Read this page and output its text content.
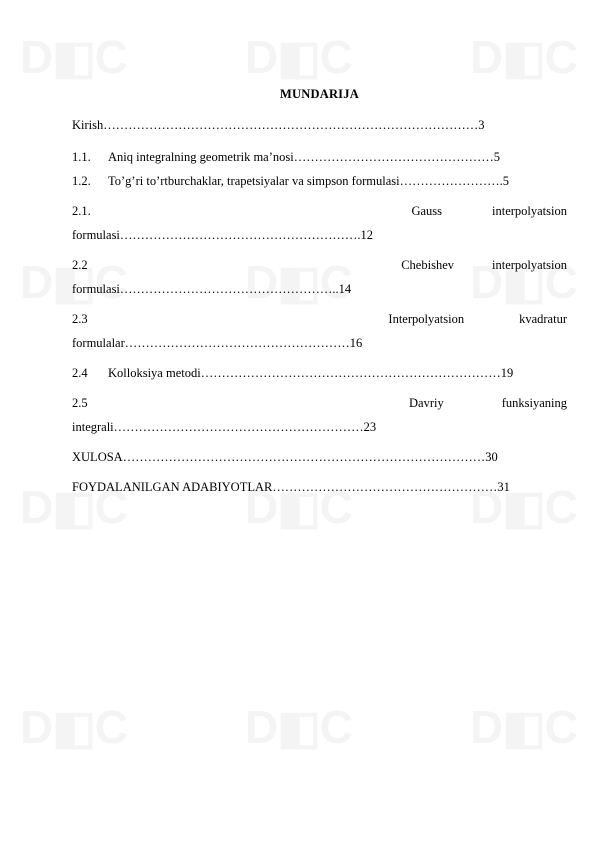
MUNDARIJA
Kirish………………………………………………………………………………3
1.1. Aniq integralning geometrik ma’nosi…………………………………………5
1.2. To’g’ri to’rtburchaklar, trapetsiyalar va simpson formulasi…………………….5
2.1.	Gauss	interpolyatsion
formulasi………………………………………………….12
2.2	Chebishev	interpolyatsion
formulasi……………………………………………..14
2.3	Interpolyatsion	kvadratur
formulalar………………………………………………16
2.4 Kolloksiya metodi………………………………………………………………19
2.5	Davriy	funksiyaning
integrali……………………………………………………23
XULOSA……………………………………………………………………………30
FOYDALANILGAN ADABIYOTLAR………………………………………………31
